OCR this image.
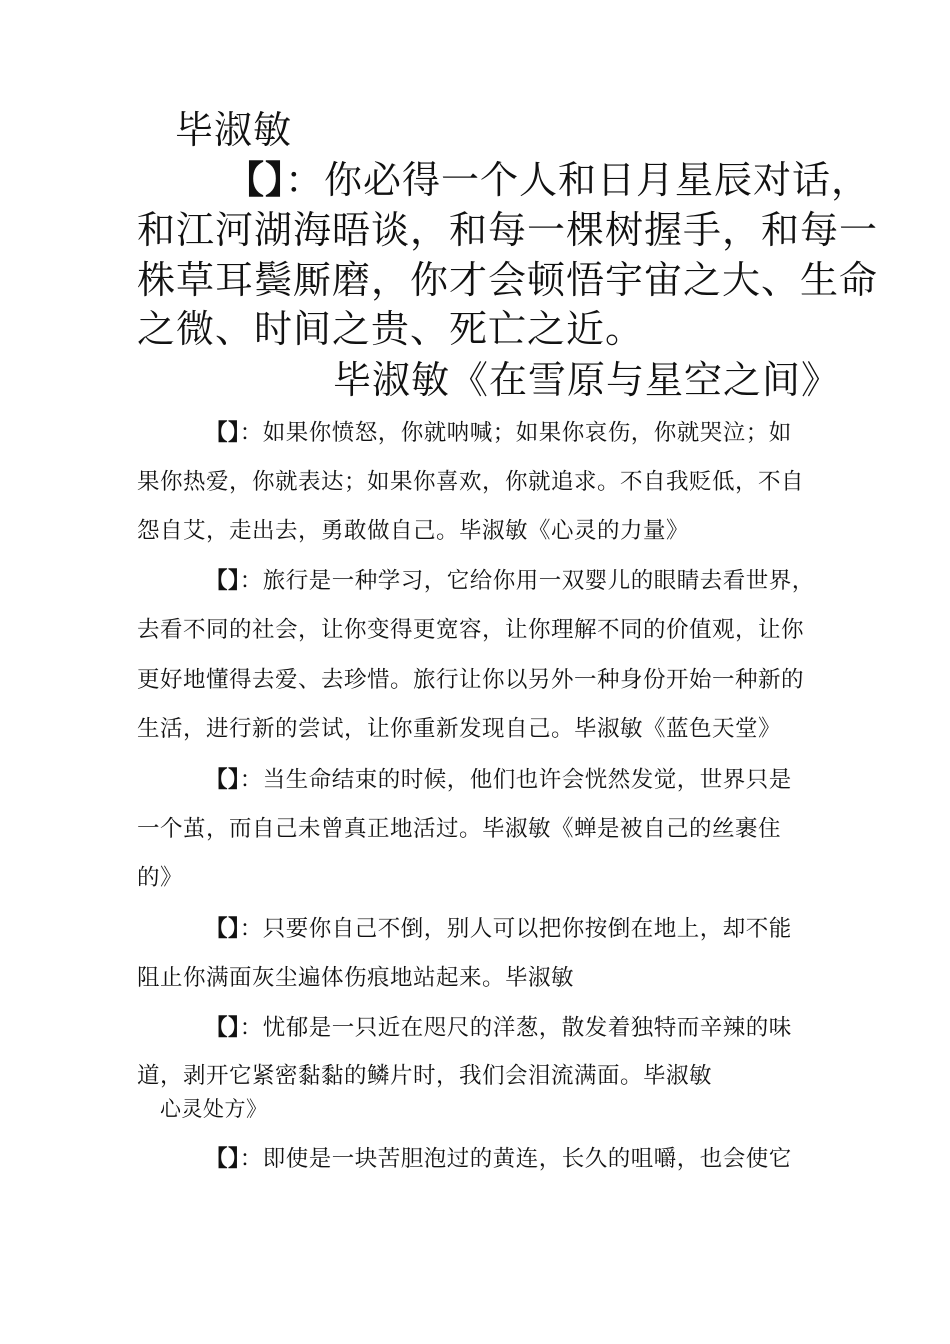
毕淑敏
【】：你必得一个人和日月星辰对话，
和江河湖海晤谈，和每一棵树握手，和每一
株草耳鬓厮磨，你才会顿悟宇宙之大、生命
之微、时间之贵、死亡之近。
毕淑敏《在雪原与星空之间》
【】：如果你愤怒，你就呐喊；如果你哀伤，你就哭泣；如
果你热爱，你就表达；如果你喜欢，你就追求。不自我贬低，不自
怨自艾，走出去，勇敢做自己。毕淑敏《心灵的力量》
【】：旅行是一种学习，它给你用一双婴儿的眼睛去看世界，
去看不同的社会，让你变得更宽容，让你理解不同的价值观，让你
更好地懂得去爱、去珍惜。旅行让你以另外一种身份开始一种新的
生活，进行新的尝试，让你重新发现自己。毕淑敏《蓝色天堂》
【】：当生命结束的时候，他们也许会恍然发觉，世界只是
一个茧，而自己未曾真正地活过。毕淑敏《蝉是被自己的丝裹住
的》
【】：只要你自己不倒，别人可以把你按倒在地上，却不能
阻止你满面灰尘遍体伤痕地站起来。毕淑敏
【】：忧郁是一只近在咫尺的洋葱，散发着独特而辛辣的味
道，剥开它紧密黏黏的鳞片时，我们会泪流满面。毕淑敏
心灵处方》
【】：即使是一块苦胆泡过的黄连，长久的咀嚼，也会使它
